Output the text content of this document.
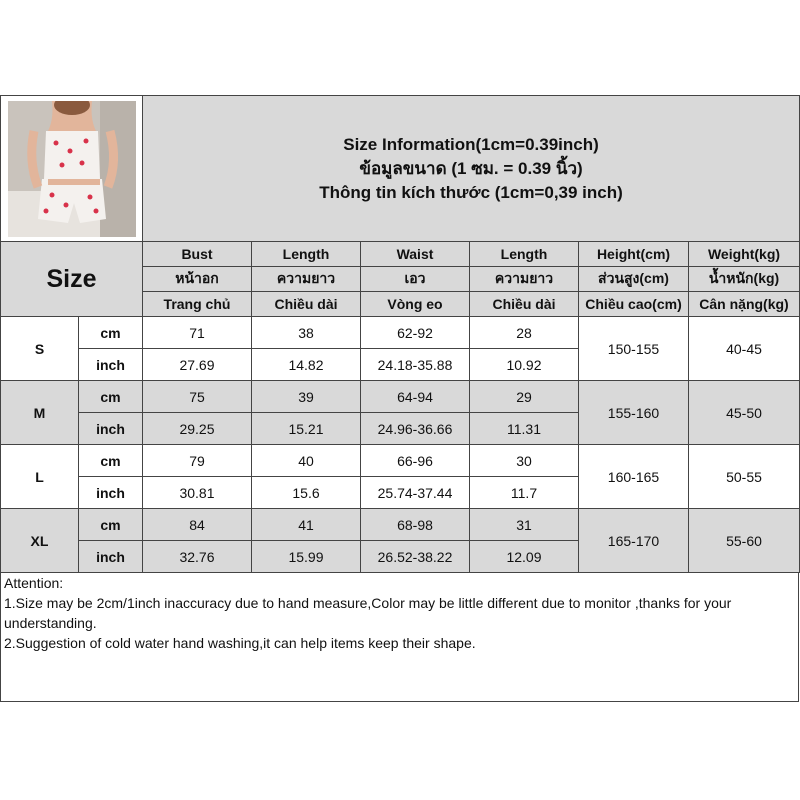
Size Information(1cm=0.39inch)
ข้อมูลขนาด (1 ซม. = 0.39 นิ้ว)
Thông tin kích thước (1cm=0,39 inch)					

Size		Bust	Length	Waist	Length	Height(cm)	Weight(kg)
		หน้าอก	ความยาว	เอว	ความยาว	ส่วนสูง(cm)	น้ำหนัก(kg)
		Trang chủ	Chiều dài	Vòng eo	Chiều dài	Chiều cao(cm)	Cân nặng(kg)
S	cm	71	38	62-92	28	150-155	40-45
	inch	27.69	14.82	24.18-35.88	10.92		
M	cm	75	39	64-94	29	155-160	45-50
	inch	29.25	15.21	24.96-36.66	11.31		
L	cm	79	40	66-96	30	160-165	50-55
	inch	30.81	15.6	25.74-37.44	11.7		
XL	cm	84	41	68-98	31	165-170	55-60
	inch	32.76	15.99	26.52-38.22	12.09		

Attention:

1.Size may be 2cm/1inch inaccuracy due to hand measure,Color may be little different due to monitor ,thanks for your understanding.

2.Suggestion of cold water hand washing,it can help items keep their shape.
